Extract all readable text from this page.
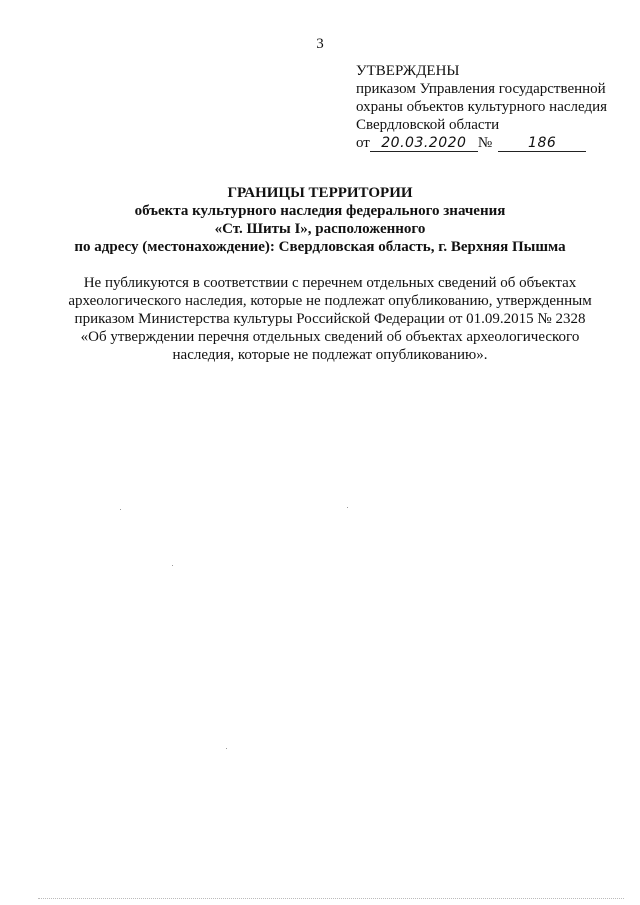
3
УТВЕРЖДЕНЫ
приказом Управления государственной
охраны объектов культурного наследия
Свердловской области
от 20.03.2020 №	186
ГРАНИЦЫ ТЕРРИТОРИИ
объекта культурного наследия федерального значения
«Ст. Шиты I», расположенного
по адресу (местонахождение): Свердловская область, г. Верхняя Пышма
Не публикуются в соответствии с перечнем отдельных сведений об объектах археологического наследия, которые не подлежат опубликованию, утвержденным приказом Министерства культуры Российской Федерации от 01.09.2015 № 2328 «Об утверждении перечня отдельных сведений об объектах археологического наследия, которые не подлежат опубликованию».
